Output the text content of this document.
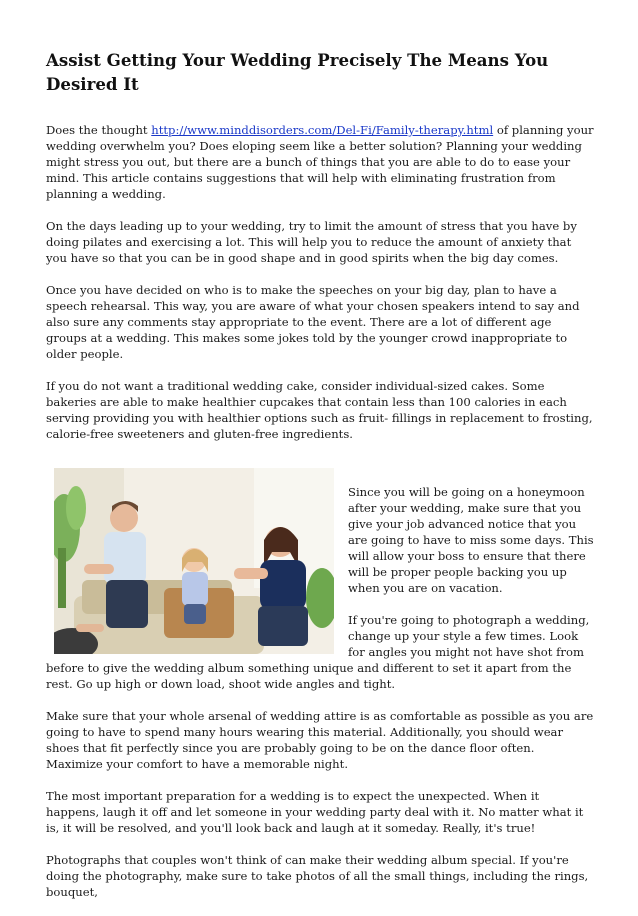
Assist Getting Your Wedding Precisely The Means You Desired It

Does the thought http://www.minddisorders.com/Del-Fi/Family-therapy.html of planning your wedding overwhelm you? Does eloping seem like a better solution? Planning your wedding might stress you out, but there are a bunch of things that you are able to do to ease your mind. This article contains suggestions that will help with eliminating frustration from planning a wedding.

On the days leading up to your wedding, try to limit the amount of stress that you have by doing pilates and exercising a lot. This will help you to reduce the amount of anxiety that you have so that you can be in good shape and in good spirits when the big day comes.

Once you have decided on who is to make the speeches on your big day, plan to have a speech rehearsal. This way, you are aware of what your chosen speakers intend to say and also sure any comments stay appropriate to the event. There are a lot of different age groups at a wedding. This makes some jokes told by the younger crowd inappropriate to older people.

If you do not want a traditional wedding cake, consider individual-sized cakes. Some bakeries are able to make healthier cupcakes that contain less than 100 calories in each serving providing you with healthier options such as fruit- fillings in replacement to frosting, calorie-free sweeteners and gluten-free ingredients.

Since you will be going on a honeymoon after your wedding, make sure that you give your job advanced notice that you are going to have to miss some days. This will allow your boss to ensure that there will be proper people backing you up when you are on vacation.

If you're going to photograph a wedding, change up your style a few times. Look for angles you might not have shot from before to give the wedding album something unique and different to set it apart from the rest. Go up high or down load, shoot wide angles and tight.

Make sure that your whole arsenal of wedding attire is as comfortable as possible as you are going to have to spend many hours wearing this material. Additionally, you should wear shoes that fit perfectly since you are probably going to be on the dance floor often. Maximize your comfort to have a memorable night.

The most important preparation for a wedding is to expect the unexpected. When it happens, laugh it off and let someone in your wedding party deal with it. No matter what it is, it will be resolved, and you'll look back and laugh at it someday. Really, it's true!

Photographs that couples won't think of can make their wedding album special. If you're doing the photography, make sure to take photos of all the small things, including the rings, bouquet,
